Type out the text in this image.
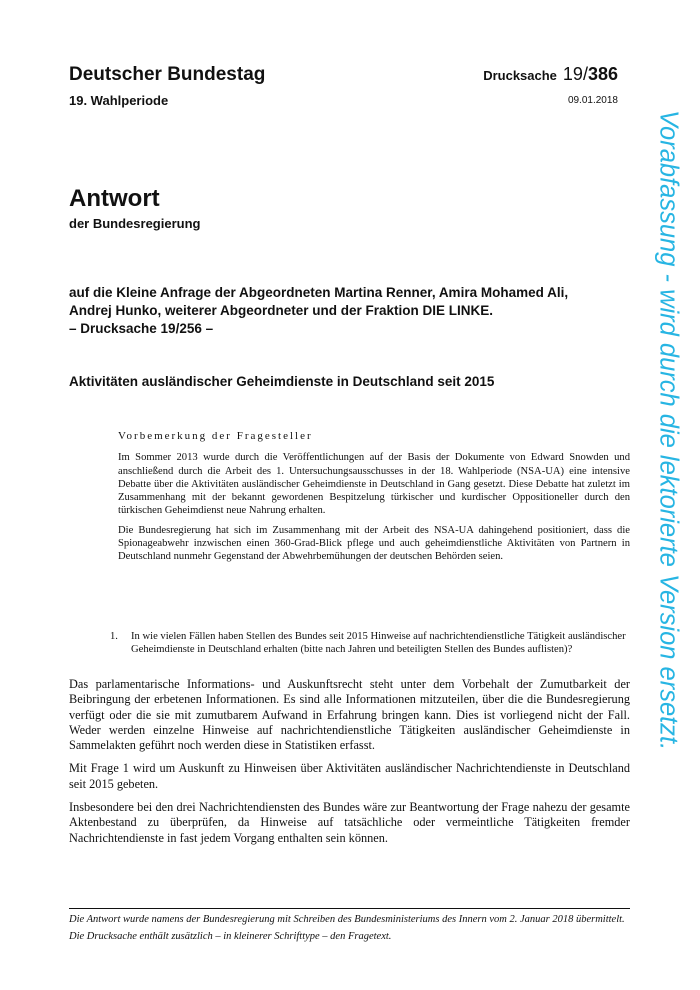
Deutscher Bundestag
19. Wahlperiode
Drucksache 19/386
09.01.2018
Antwort
der Bundesregierung
auf die Kleine Anfrage der Abgeordneten Martina Renner, Amira Mohamed Ali,
Andrej Hunko, weiterer Abgeordneter und der Fraktion DIE LINKE.
– Drucksache 19/256 –
Aktivitäten ausländischer Geheimdienste in Deutschland seit 2015
Vorbemerkung der Fragesteller

Im Sommer 2013 wurde durch die Veröffentlichungen auf der Basis der Dokumente von Edward Snowden und anschließend durch die Arbeit des 1. Untersuchungsausschusses in der 18. Wahlperiode (NSA-UA) eine intensive Debatte über die Aktivitäten ausländischer Geheimdienste in Deutschland in Gang gesetzt. Diese Debatte hat zuletzt im Zusammenhang mit der bekannt gewordenen Bespitzelung türkischer und kurdischer Oppositioneller durch den türkischen Geheimdienst neue Nahrung erhalten.

Die Bundesregierung hat sich im Zusammenhang mit der Arbeit des NSA-UA dahingehend positioniert, dass die Spionageabwehr inzwischen einen 360-Grad-Blick pflege und auch geheimdienstliche Aktivitäten von Partnern in Deutschland nunmehr Gegenstand der Abwehrbemühungen der deutschen Behörden seien.

1. In wie vielen Fällen haben Stellen des Bundes seit 2015 Hinweise auf nachrichtendienstliche Tätigkeit ausländischer Geheimdienste in Deutschland erhalten (bitte nach Jahren und beteiligten Stellen des Bundes auflisten)?

Das parlamentarische Informations- und Auskunftsrecht steht unter dem Vorbehalt der Zumutbarkeit der Beibringung der erbetenen Informationen. Es sind alle Informationen mitzuteilen, über die die Bundesregierung verfügt oder die sie mit zumutbarem Aufwand in Erfahrung bringen kann. Dies ist vorliegend nicht der Fall. Weder werden einzelne Hinweise auf nachrichtendienstliche Tätigkeiten ausländischer Geheimdienste in Sammelakten geführt noch werden diese in Statistiken erfasst.

Mit Frage 1 wird um Auskunft zu Hinweisen über Aktivitäten ausländischer Nachrichtendienste in Deutschland seit 2015 gebeten.

Insbesondere bei den drei Nachrichtendiensten des Bundes wäre zur Beantwortung der Frage nahezu der gesamte Aktenbestand zu überprüfen, da Hinweise auf tatsächliche oder vermeintliche Tätigkeiten fremder Nachrichtendienste in fast jedem Vorgang enthalten sein können.

Die Antwort wurde namens der Bundesregierung mit Schreiben des Bundesministeriums des Innern vom 2. Januar 2018 übermittelt.

Die Drucksache enthält zusätzlich – in kleinerer Schrifttype – den Fragetext.

Vorabfassung - wird durch die lektorierte Version ersetzt.
